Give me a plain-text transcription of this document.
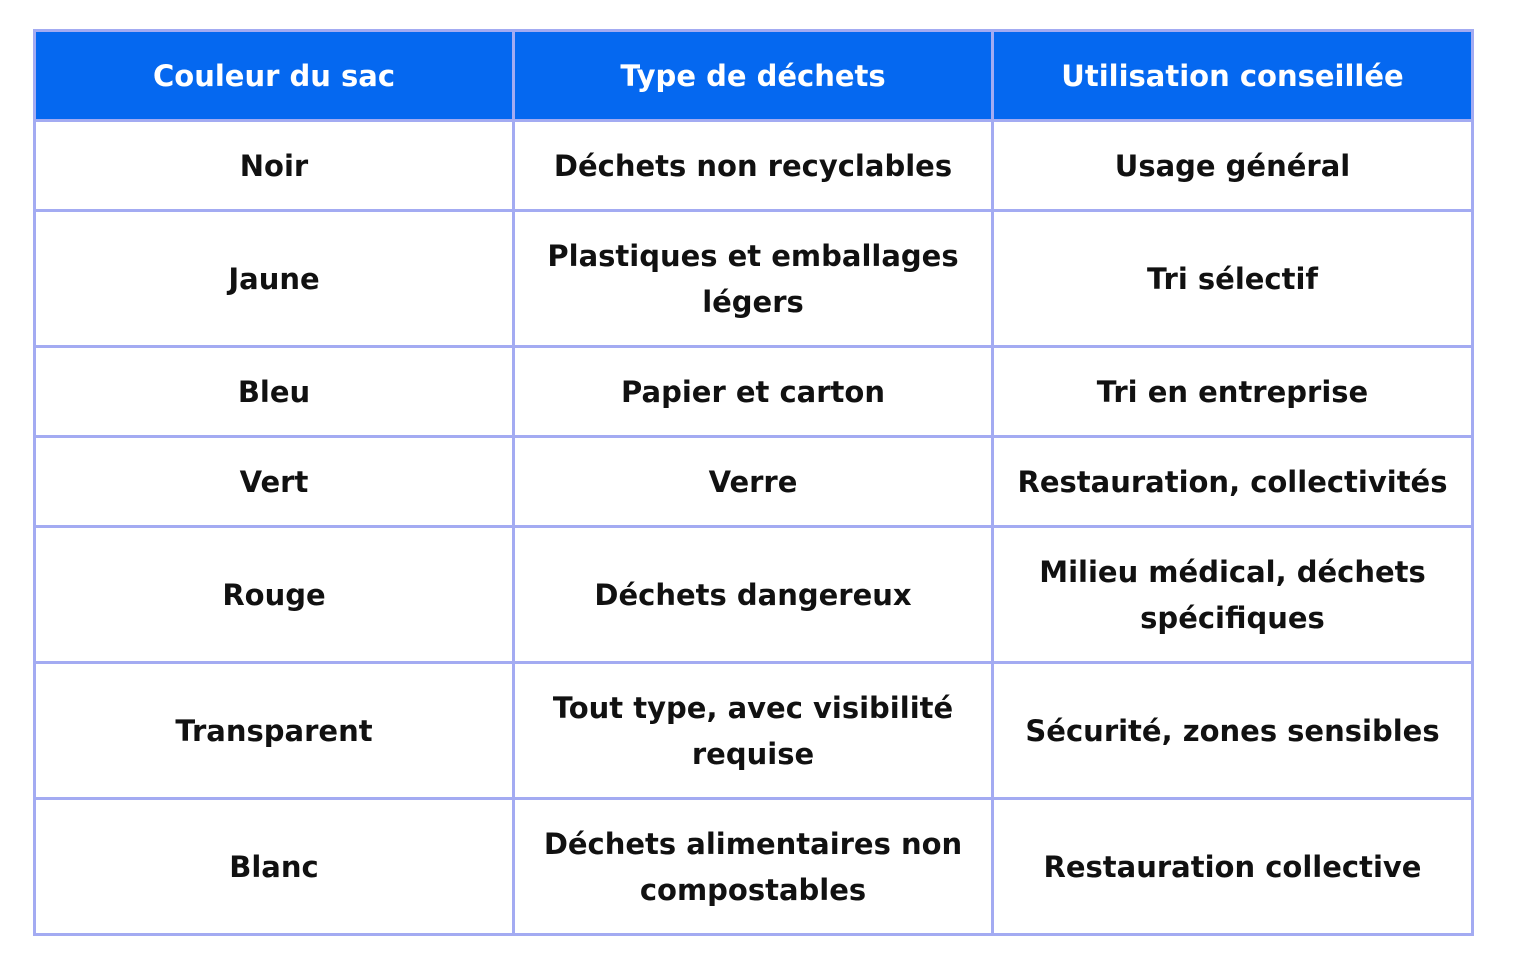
Couleur du sac	Type de déchets	Utilisation conseillée
Noir	Déchets non recyclables	Usage général
Jaune	Plastiques et emballages légers	Tri sélectif
Bleu	Papier et carton	Tri en entreprise
Vert	Verre	Restauration, collectivités
Rouge	Déchets dangereux	Milieu médical, déchets spécifiques
Transparent	Tout type, avec visibilité requise	Sécurité, zones sensibles
Blanc	Déchets alimentaires non compostables	Restauration collective
